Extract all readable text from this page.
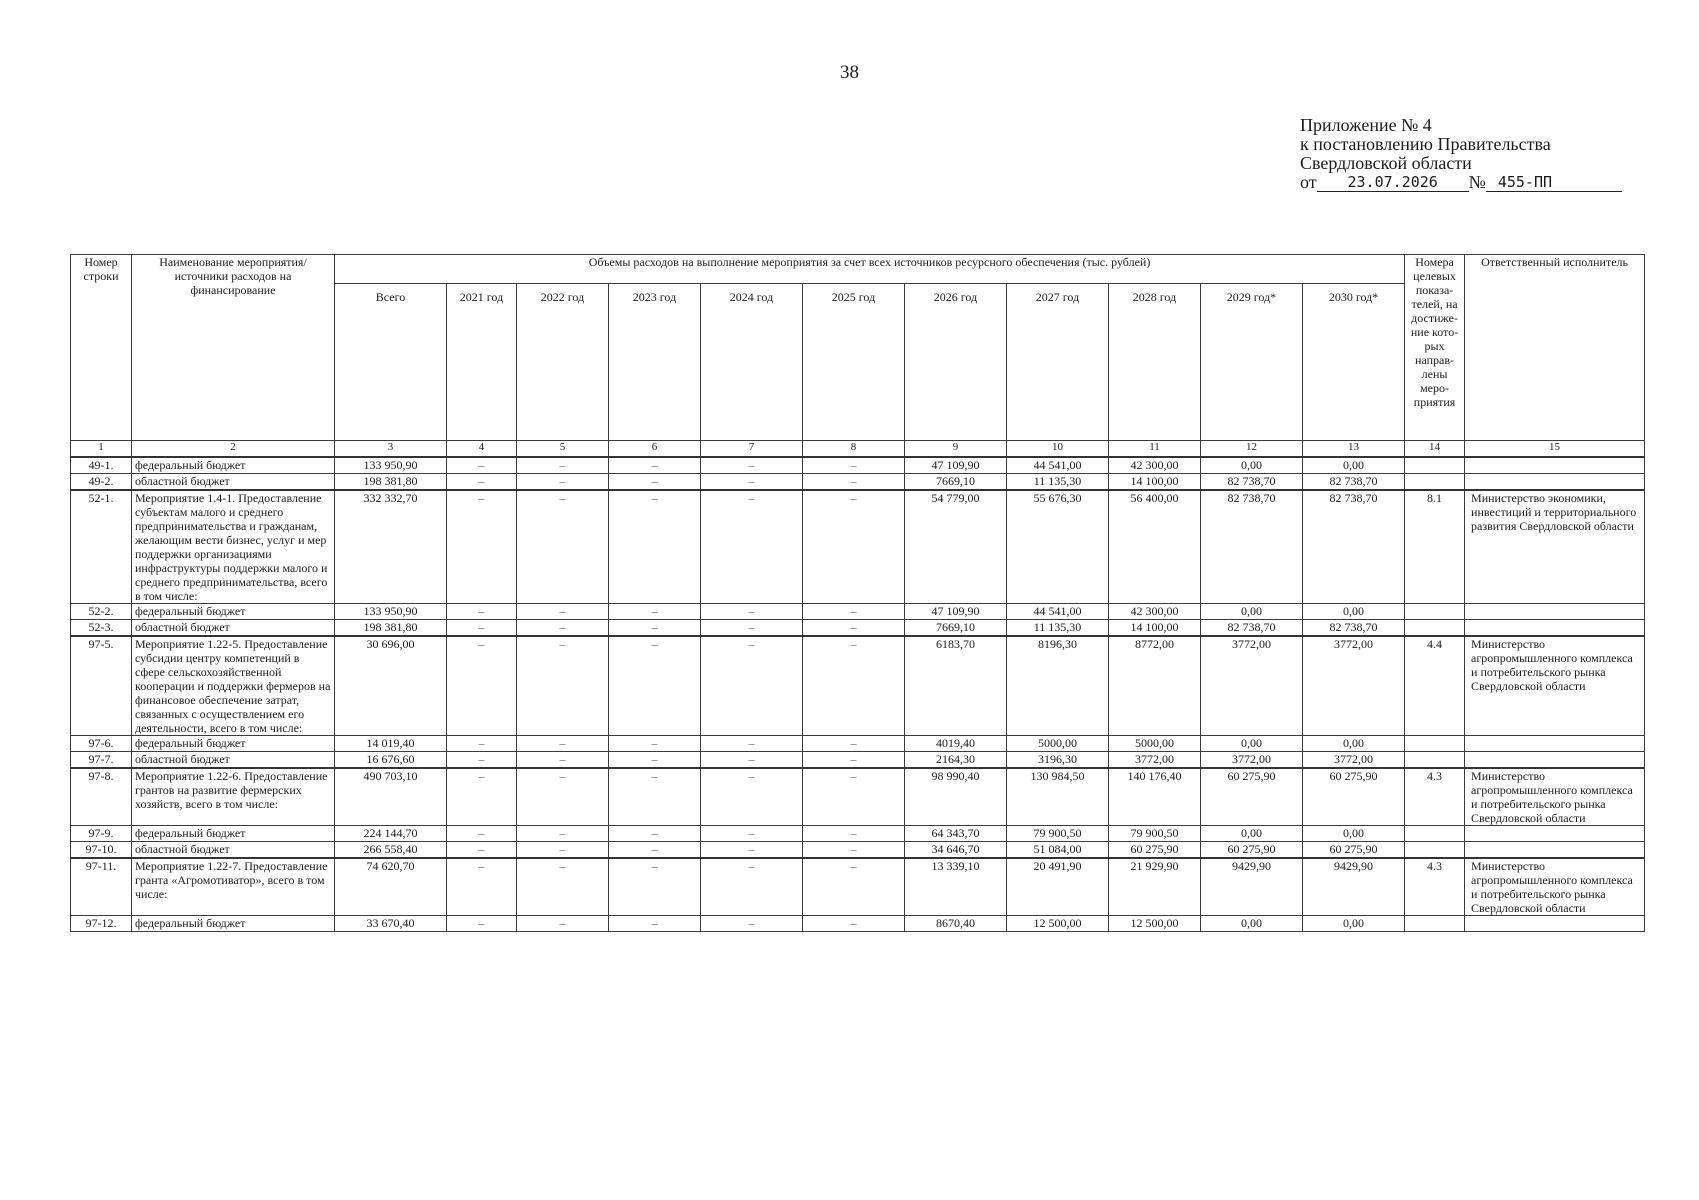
38
Приложение № 4
к постановлению Правительства
Свердловской области
от	23.07.2026	№ 455-ПП
Номер строки	Наименование мероприятия/ источники расходов на финансирование	Объемы расходов на выполнение мероприятия за счет всех источников ресурсного обеспечения (тыс. рублей)											Номера целевых показа-телей, на достиже-ние кото-рых направ-лены меро-приятия	Ответственный исполнитель
		Всего	2021 год	2022 год	2023 год	2024 год	2025 год	2026 год	2027 год	2028 год	2029 год*	2030 год*		
1	2	3	4	5	6	7	8	9	10	11	12	13	14	15
49-1.	федеральный бюджет	133 950,90	–	–	–	–	–	47 109,90	44 541,00	42 300,00	0,00	0,00		
49-2.	областной бюджет	198 381,80	–	–	–	–	–	7669,10	11 135,30	14 100,00	82 738,70	82 738,70		
52-1.	Мероприятие 1.4-1. Предоставление субъектам малого и среднего предпринимательства и гражданам, желающим вести бизнес, услуг и мер поддержки организациями инфраструктуры поддержки малого и среднего предпринимательства, всего в том числе:	332 332,70	–	–	–	–	–	54 779,00	55 676,30	56 400,00	82 738,70	82 738,70	8.1	Министерство экономики, инвестиций и территориального развития Свердловской области
52-2.	федеральный бюджет	133 950,90	–	–	–	–	–	47 109,90	44 541,00	42 300,00	0,00	0,00		
52-3.	областной бюджет	198 381,80	–	–	–	–	–	7669,10	11 135,30	14 100,00	82 738,70	82 738,70		
97-5.	Мероприятие 1.22-5. Предоставление субсидии центру компетенций в сфере сельскохозяйственной кооперации и поддержки фермеров на финансовое обеспечение затрат, связанных с осуществлением его деятельности, всего в том числе:	30 696,00	–	–	–	–	–	6183,70	8196,30	8772,00	3772,00	3772,00	4.4	Министерство агропромышленного комплекса и потребительского рынка Свердловской области
97-6.	федеральный бюджет	14 019,40	–	–	–	–	–	4019,40	5000,00	5000,00	0,00	0,00		
97-7.	областной бюджет	16 676,60	–	–	–	–	–	2164,30	3196,30	3772,00	3772,00	3772,00		
97-8.	Мероприятие 1.22-6. Предоставление грантов на развитие фермерских хозяйств, всего в том числе:	490 703,10	–	–	–	–	–	98 990,40	130 984,50	140 176,40	60 275,90	60 275,90	4.3	Министерство агропромышленного комплекса и потребительского рынка Свердловской области
97-9.	федеральный бюджет	224 144,70	–	–	–	–	–	64 343,70	79 900,50	79 900,50	0,00	0,00		
97-10.	областной бюджет	266 558,40	–	–	–	–	–	34 646,70	51 084,00	60 275,90	60 275,90	60 275,90		
97-11.	Мероприятие 1.22-7. Предоставление гранта «Агромотиватор», всего в том числе:	74 620,70	–	–	–	–	–	13 339,10	20 491,90	21 929,90	9429,90	9429,90	4.3	Министерство агропромышленного комплекса и потребительского рынка Свердловской области
97-12.	федеральный бюджет	33 670,40	–	–	–	–	–	8670,40	12 500,00	12 500,00	0,00	0,00		
